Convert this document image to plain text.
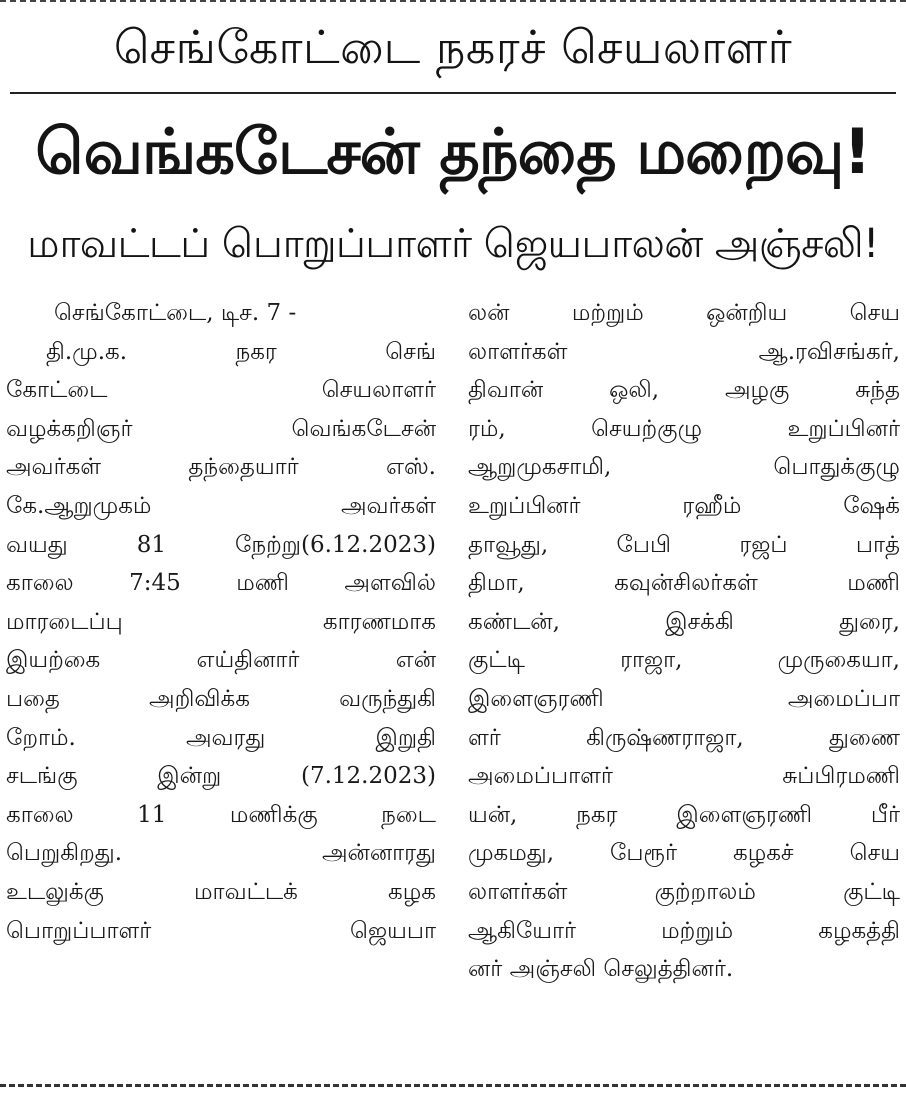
செங்கோட்டை நகரச் செயலாளர்
வெங்கடேசன் தந்தை மறைவு!
மாவட்டப் பொறுப்பாளர் ஜெயபாலன் அஞ்சலி!
செங்கோட்டை, டிச. 7 -
தி.மு.க. நகர செங்
கோட்டை செயலாளர்
வழக்கறிஞர் வெங்கடேசன்
அவர்கள் தந்தையார் எஸ்.
கே.ஆறுமுகம் அவர்கள்
வயது 81 நேற்று(6.12.2023)
காலை 7:45 மணி அளவில்
மாரடைப்பு காரணமாக
இயற்கை எய்தினார் என்
பதை அறிவிக்க வருந்துகி
றோம். அவரது இறுதி
சடங்கு இன்று (7.12.2023)
காலை 11 மணிக்கு நடை
பெறுகிறது. அன்னாரது
உடலுக்கு மாவட்டக் கழக
பொறுப்பாளர் ஜெயபா
லன் மற்றும் ஒன்றிய செய
லாளர்கள் ஆ.ரவிசங்கர்,
திவான் ஒலி, அழகு சுந்த
ரம், செயற்குழு உறுப்பினர்
ஆறுமுகசாமி, பொதுக்குழு
உறுப்பினர் ரஹீம் ஷேக்
தாவூது, பேபி ரஜப் பாத்
திமா, கவுன்சிலர்கள் மணி
கண்டன், இசக்கி துரை,
குட்டி ராஜா, முருகையா,
இளைஞரணி அமைப்பா
ளர் கிருஷ்ணராஜா, துணை
அமைப்பாளர் சுப்பிரமணி
யன், நகர இளைஞரணி பீர்
முகமது, பேரூர் கழகச் செய
லாளர்கள் குற்றாலம் குட்டி
ஆகியோர் மற்றும் கழகத்தி
னர் அஞ்சலி செலுத்தினர்.
